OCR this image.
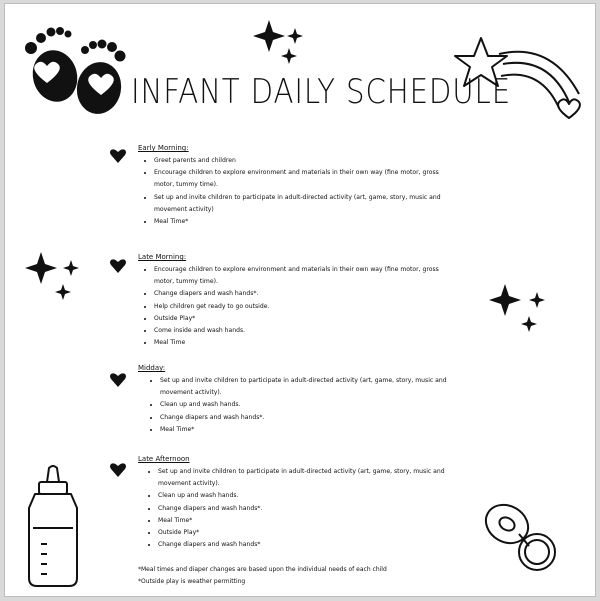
INFANT DAILY SCHEDULE
Early Morning:
• Greet parents and children
• Encourage children to explore environment and materials in their own way (fine motor, gross motor, tummy time).
• Set up and invite children to participate in adult-directed activity (art, game, story, music and movement activity)
• Meal Time*
Late Morning:
• Encourage children to explore environment and materials in their own way (fine motor, gross motor, tummy time).
• Change diapers and wash hands*.
• Help children get ready to go outside.
• Outside Play*
• Come inside and wash hands.
• Meal Time
Midday:
• Set up and invite children to participate in adult-directed activity (art, game, story, music and movement activity).
• Clean up and wash hands.
• Change diapers and wash hands*.
• Meal Time*
Late Afternoon
• Set up and invite children to participate in adult-directed activity (art, game, story, music and movement activity).
• Clean up and wash hands.
• Change diapers and wash hands*.
• Meal Time*
• Outside Play*
• Change diapers and wash hands*
*Meal times and diaper changes are based upon the individual needs of each child
*Outside play is weather permitting
